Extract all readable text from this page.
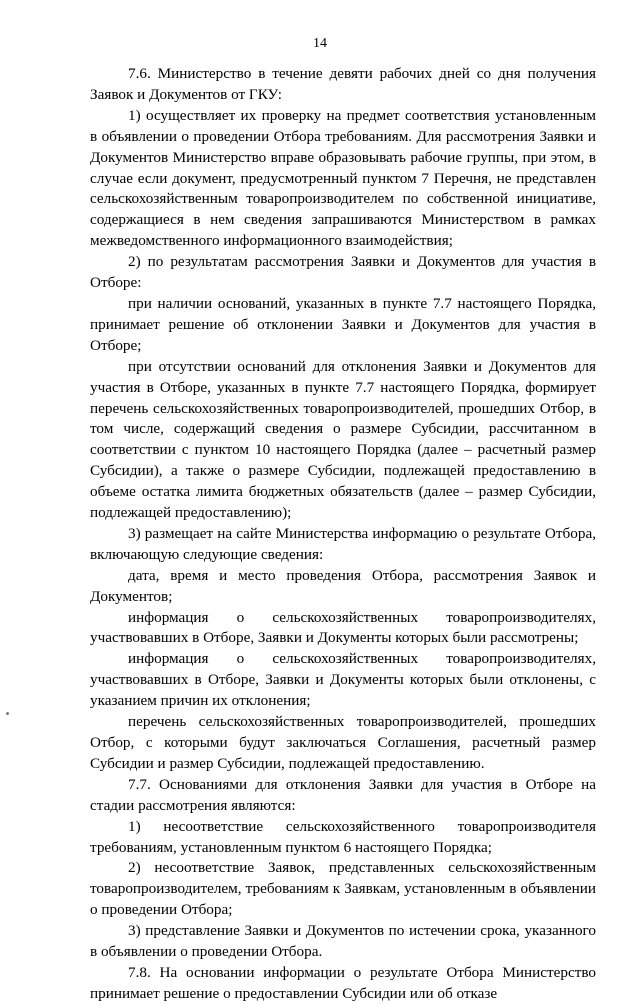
14

7.6. Министерство в течение девяти рабочих дней со дня получения Заявок и Документов от ГКУ:

1) осуществляет их проверку на предмет соответствия установленным в объявлении о проведении Отбора требованиям. Для рассмотрения Заявки и Документов Министерство вправе образовывать рабочие группы, при этом, в случае если документ, предусмотренный пунктом 7 Перечня, не представлен сельскохозяйственным товаропроизводителем по собственной инициативе, содержащиеся в нем сведения запрашиваются Министерством в рамках межведомственного информационного взаимодействия;

2) по результатам рассмотрения Заявки и Документов для участия в Отборе:

при наличии оснований, указанных в пункте 7.7 настоящего Порядка, принимает решение об отклонении Заявки и Документов для участия в Отборе;

при отсутствии оснований для отклонения Заявки и Документов для участия в Отборе, указанных в пункте 7.7 настоящего Порядка, формирует перечень сельскохозяйственных товаропроизводителей, прошедших Отбор, в том числе, содержащий сведения о размере Субсидии, рассчитанном в соответствии с пунктом 10 настоящего Порядка (далее – расчетный размер Субсидии), а также о размере Субсидии, подлежащей предоставлению в объеме остатка лимита бюджетных обязательств (далее – размер Субсидии, подлежащей предоставлению);

3) размещает на сайте Министерства информацию о результате Отбора, включающую следующие сведения:

дата, время и место проведения Отбора, рассмотрения Заявок и Документов;

информация о сельскохозяйственных товаропроизводителях, участвовавших в Отборе, Заявки и Документы которых были рассмотрены;

информация о сельскохозяйственных товаропроизводителях, участвовавших в Отборе, Заявки и Документы которых были отклонены, с указанием причин их отклонения;

перечень сельскохозяйственных товаропроизводителей, прошедших Отбор, с которыми будут заключаться Соглашения, расчетный размер Субсидии и размер Субсидии, подлежащей предоставлению.

7.7. Основаниями для отклонения Заявки для участия в Отборе на стадии рассмотрения являются:

1) несоответствие сельскохозяйственного товаропроизводителя требованиям, установленным пунктом 6 настоящего Порядка;

2) несоответствие Заявок, представленных сельскохозяйственным товаропроизводителем, требованиям к Заявкам, установленным в объявлении о проведении Отбора;

3) представление Заявки и Документов по истечении срока, указанного в объявлении о проведении Отбора.

7.8. На основании информации о результате Отбора Министерство принимает решение о предоставлении Субсидии или об отказе
